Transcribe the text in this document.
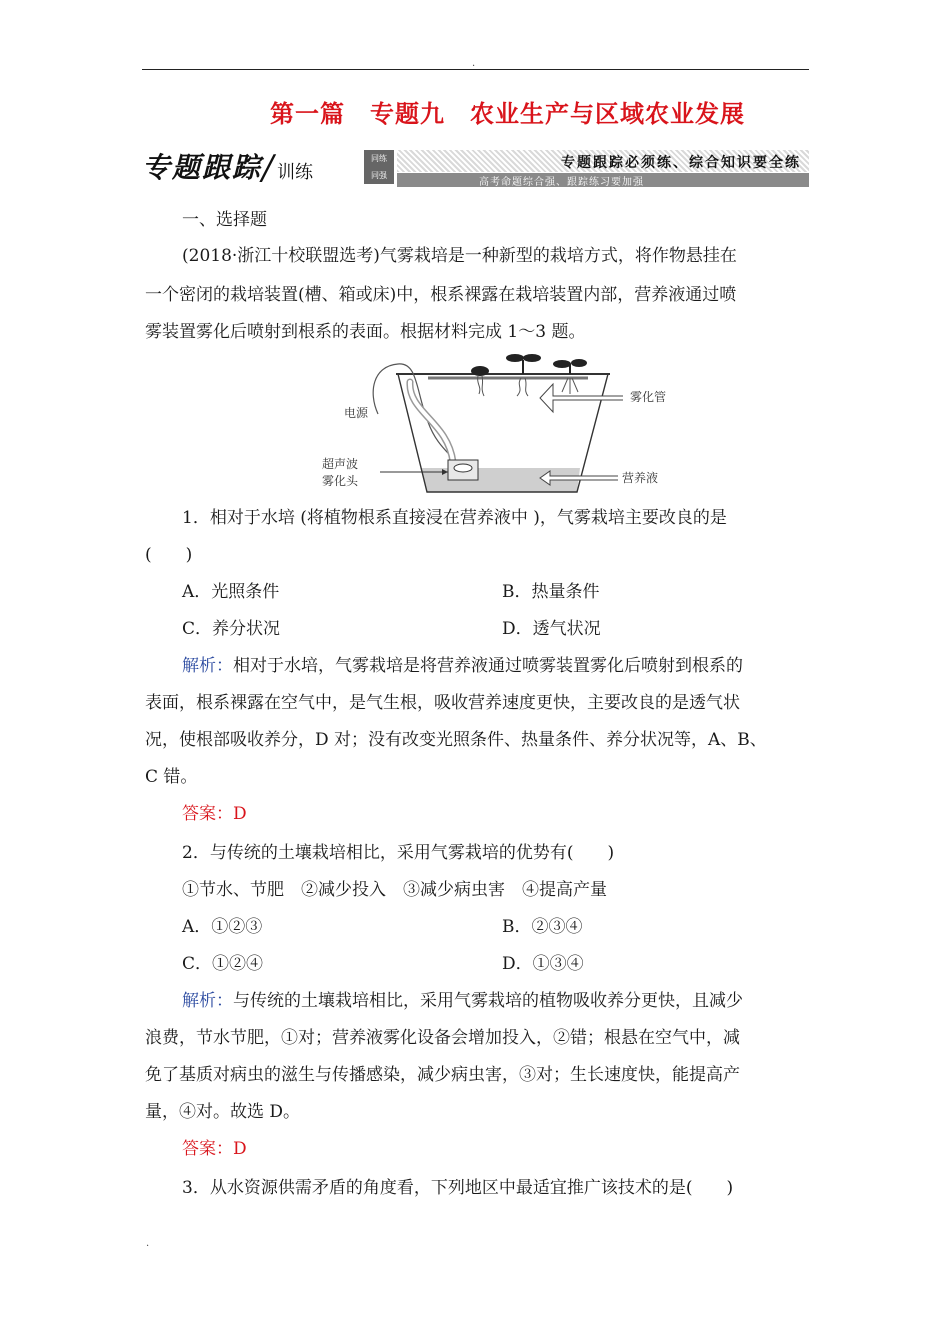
.
第一篇　专题九　农业生产与区域农业发展
专题跟踪 / 训练
同练
同强
专题跟踪必须练、综合知识要全练
高考命题综合强、跟踪练习要加强
一、选择题
(2018·浙江十校联盟选考)气雾栽培是一种新型的栽培方式，将作物悬挂在
一个密闭的栽培装置(槽、箱或床)中，根系裸露在栽培装置内部，营养液通过喷
雾装置雾化后喷射到根系的表面。根据材料完成 1～3 题。
电源
雾化管
超声波
雾化头	营养液
1．相对于水培 (将植物根系直接浸在营养液中 )，气雾栽培主要改良的是
(　　)
A．光照条件	B．热量条件
C．养分状况	D．透气状况
解析：相对于水培，气雾栽培是将营养液通过喷雾装置雾化后喷射到根系的
表面，根系裸露在空气中，是气生根，吸收营养速度更快，主要改良的是透气状
况，使根部吸收养分，D 对；没有改变光照条件、热量条件、养分状况等，A、B、
C 错。
答案：D
2．与传统的土壤栽培相比，采用气雾栽培的优势有(　　)
①节水、节肥　②减少投入　③减少病虫害　④提高产量
A．①②③	B．②③④
C．①②④	D．①③④
解析：与传统的土壤栽培相比，采用气雾栽培的植物吸收养分更快，且减少
浪费，节水节肥，①对；营养液雾化设备会增加投入，②错；根悬在空气中，减
免了基质对病虫的滋生与传播感染，减少病虫害，③对；生长速度快，能提高产
量，④对。故选 D。
答案：D
3．从水资源供需矛盾的角度看，下列地区中最适宜推广该技术的是(　　)
.
